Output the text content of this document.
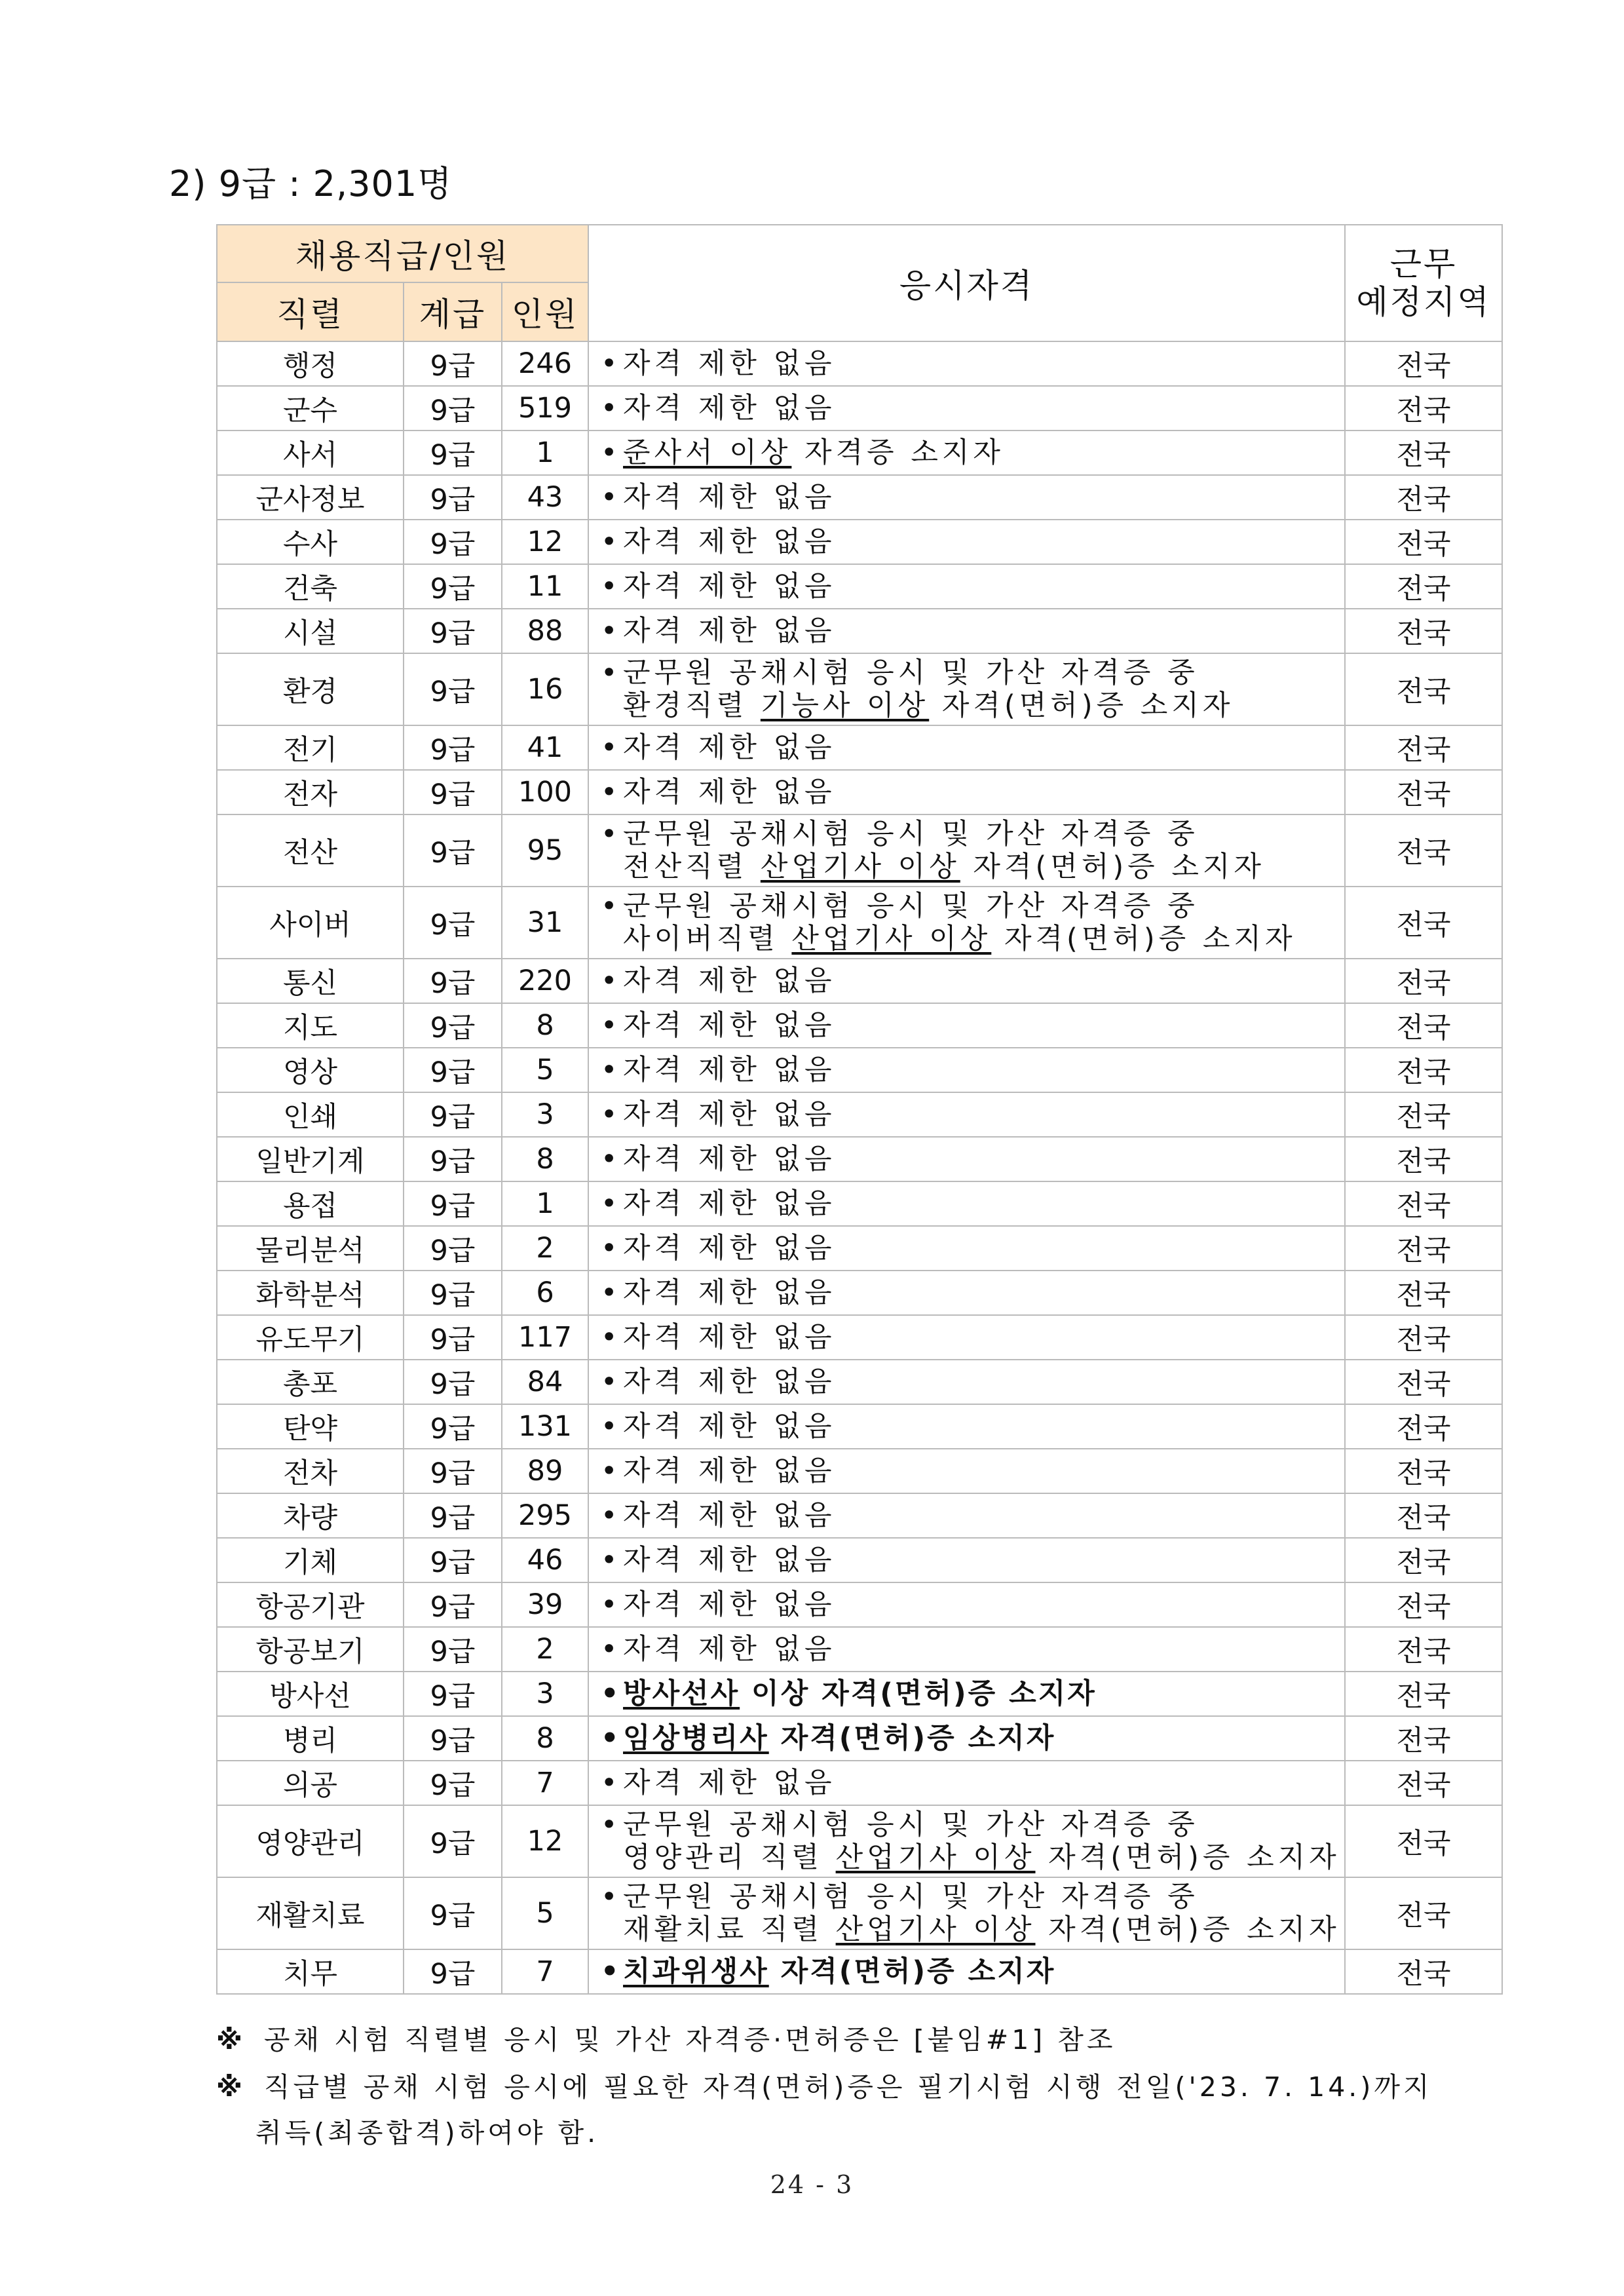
2) 9급 : 2,301명
채용직급/인원			응시자격	근무
예정지역
직렬	계급	인원		
행정	9급	246	• 자격 제한 없음	전국
군수	9급	519	• 자격 제한 없음	전국
사서	9급	1	• 준사서 이상 자격증 소지자	전국
군사정보	9급	43	• 자격 제한 없음	전국
수사	9급	12	• 자격 제한 없음	전국
건축	9급	11	• 자격 제한 없음	전국
시설	9급	88	• 자격 제한 없음	전국
환경	9급	16	• 군무원 공채시험 응시 및 가산 자격증 중
환경직렬 기능사 이상 자격(면허)증 소지자	전국
전기	9급	41	• 자격 제한 없음	전국
전자	9급	100	• 자격 제한 없음	전국
전산	9급	95	• 군무원 공채시험 응시 및 가산 자격증 중
전산직렬 산업기사 이상 자격(면허)증 소지자	전국
사이버	9급	31	• 군무원 공채시험 응시 및 가산 자격증 중
사이버직렬 산업기사 이상 자격(면허)증 소지자	전국
통신	9급	220	• 자격 제한 없음	전국
지도	9급	8	• 자격 제한 없음	전국
영상	9급	5	• 자격 제한 없음	전국
인쇄	9급	3	• 자격 제한 없음	전국
일반기계	9급	8	• 자격 제한 없음	전국
용접	9급	1	• 자격 제한 없음	전국
물리분석	9급	2	• 자격 제한 없음	전국
화학분석	9급	6	• 자격 제한 없음	전국
유도무기	9급	117	• 자격 제한 없음	전국
총포	9급	84	• 자격 제한 없음	전국
탄약	9급	131	• 자격 제한 없음	전국
전차	9급	89	• 자격 제한 없음	전국
차량	9급	295	• 자격 제한 없음	전국
기체	9급	46	• 자격 제한 없음	전국
항공기관	9급	39	• 자격 제한 없음	전국
항공보기	9급	2	• 자격 제한 없음	전국
방사선	9급	3	• 방사선사 이상 자격(면허)증 소지자	전국
병리	9급	8	• 임상병리사 자격(면허)증 소지자	전국
의공	9급	7	• 자격 제한 없음	전국
영양관리	9급	12	• 군무원 공채시험 응시 및 가산 자격증 중
영양관리 직렬 산업기사 이상 자격(면허)증 소지자	전국
재활치료	9급	5	• 군무원 공채시험 응시 및 가산 자격증 중
재활치료 직렬 산업기사 이상 자격(면허)증 소지자	전국
치무	9급	7	• 치과위생사 자격(면허)증 소지자	전국
※ 공채 시험 직렬별 응시 및 가산 자격증·면허증은 [붙임#1] 참조
※ 직급별 공채 시험 응시에 필요한 자격(면허)증은 필기시험 시행 전일('23. 7. 14.)까지
취득(최종합격)하여야 함.
24 - 3
